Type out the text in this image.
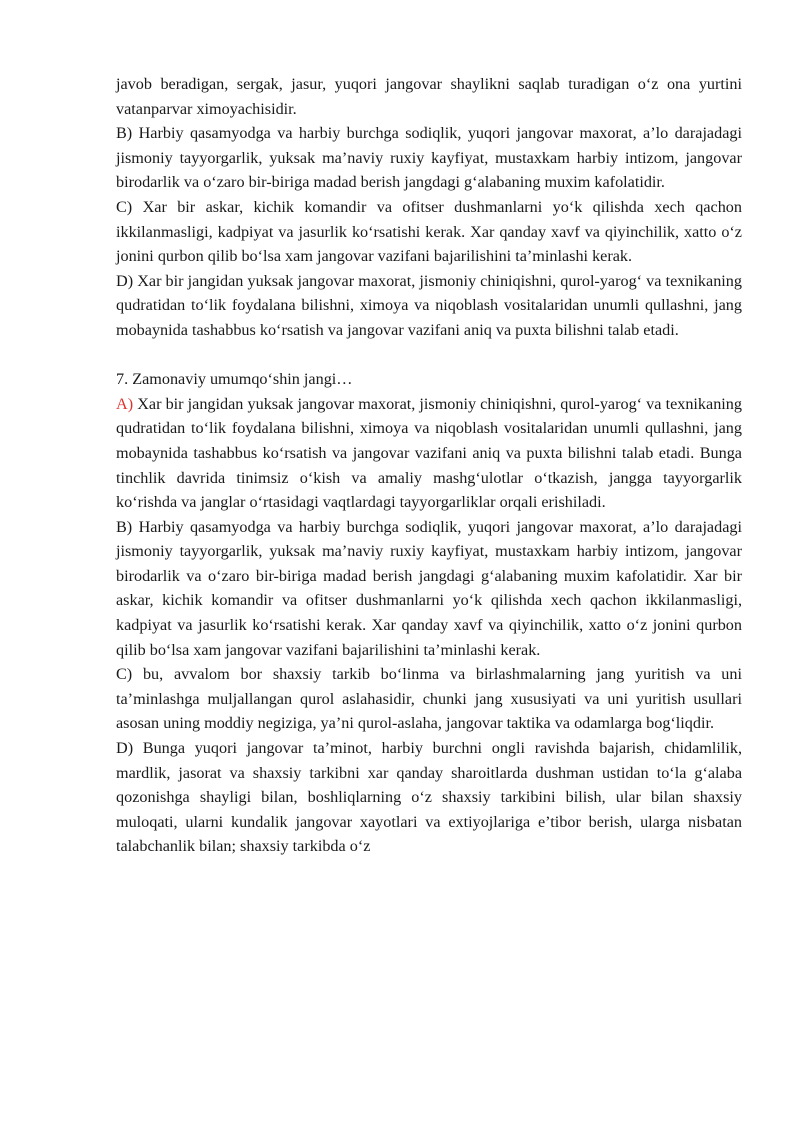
javob beradigan, sergak, jasur, yuqori jangovar shaylikni saqlab turadigan o‘z ona yurtini vatanparvar ximoyachisidir.

B) Harbiy qasamyodga va harbiy burchga sodiqlik, yuqori jangovar maxorat, a’lo darajadagi jismoniy tayyorgarlik, yuksak ma’naviy ruxiy kayfiyat, mustaxkam harbiy intizom, jangovar birodarlik va o‘zaro bir-biriga madad berish jangdagi g‘alabaning muxim kafolatidir.

C) Xar bir askar, kichik komandir va ofitser dushmanlarni yo‘k qilishda xech qachon ikkilanmasligi, kadpiyat va jasurlik ko‘rsatishi kerak. Xar qanday xavf va qiyinchilik, xatto o‘z jonini qurbon qilib bo‘lsa xam jangovar vazifani bajarilishini ta’minlashi kerak.

D) Xar bir jangidan yuksak jangovar maxorat, jismoniy chiniqishni, qurol-yarog‘ va texnikaning qudratidan to‘lik foydalana bilishni, ximoya va niqoblash vositalaridan unumli qullashni, jang mobaynida tashabbus ko‘rsatish va jangovar vazifani aniq va puxta bilishni talab etadi.

7. Zamonaviy umumqo‘shin jangi…

A) Xar bir jangidan yuksak jangovar maxorat, jismoniy chiniqishni, qurol-yarog‘ va texnikaning qudratidan to‘lik foydalana bilishni, ximoya va niqoblash vositalaridan unumli qullashni, jang mobaynida tashabbus ko‘rsatish va jangovar vazifani aniq va puxta bilishni talab etadi. Bunga tinchlik davrida tinimsiz o‘kish va amaliy mashg‘ulotlar o‘tkazish, jangga tayyorgarlik ko‘rishda va janglar o‘rtasidagi vaqtlardagi tayyorgarliklar orqali erishiladi.

B) Harbiy qasamyodga va harbiy burchga sodiqlik, yuqori jangovar maxorat, a’lo darajadagi jismoniy tayyorgarlik, yuksak ma’naviy ruxiy kayfiyat, mustaxkam harbiy intizom, jangovar birodarlik va o‘zaro bir-biriga madad berish jangdagi g‘alabaning muxim kafolatidir. Xar bir askar, kichik komandir va ofitser dushmanlarni yo‘k qilishda xech qachon ikkilanmasligi, kadpiyat va jasurlik ko‘rsatishi kerak. Xar qanday xavf va qiyinchilik, xatto o‘z jonini qurbon qilib bo‘lsa xam jangovar vazifani bajarilishini ta’minlashi kerak.

C) bu, avvalom bor shaxsiy tarkib bo‘linma va birlashmalarning jang yuritish va uni ta’minlashga muljallangan qurol aslahasidir, chunki jang xususiyati va uni yuritish usullari asosan uning moddiy negiziga, ya’ni qurol-aslaha, jangovar taktika va odamlarga bog‘liqdir.

D) Bunga yuqori jangovar ta’minot, harbiy burchni ongli ravishda bajarish, chidamlilik, mardlik, jasorat va shaxsiy tarkibni xar qanday sharoitlarda dushman ustidan to‘la g‘alaba qozonishga shayligi bilan, boshliqlarning o‘z shaxsiy tarkibini bilish, ular bilan shaxsiy muloqati, ularni kundalik jangovar xayotlari va extiyojlariga e’tibor berish, ularga nisbatan talabchanlik bilan; shaxsiy tarkibda o‘z
